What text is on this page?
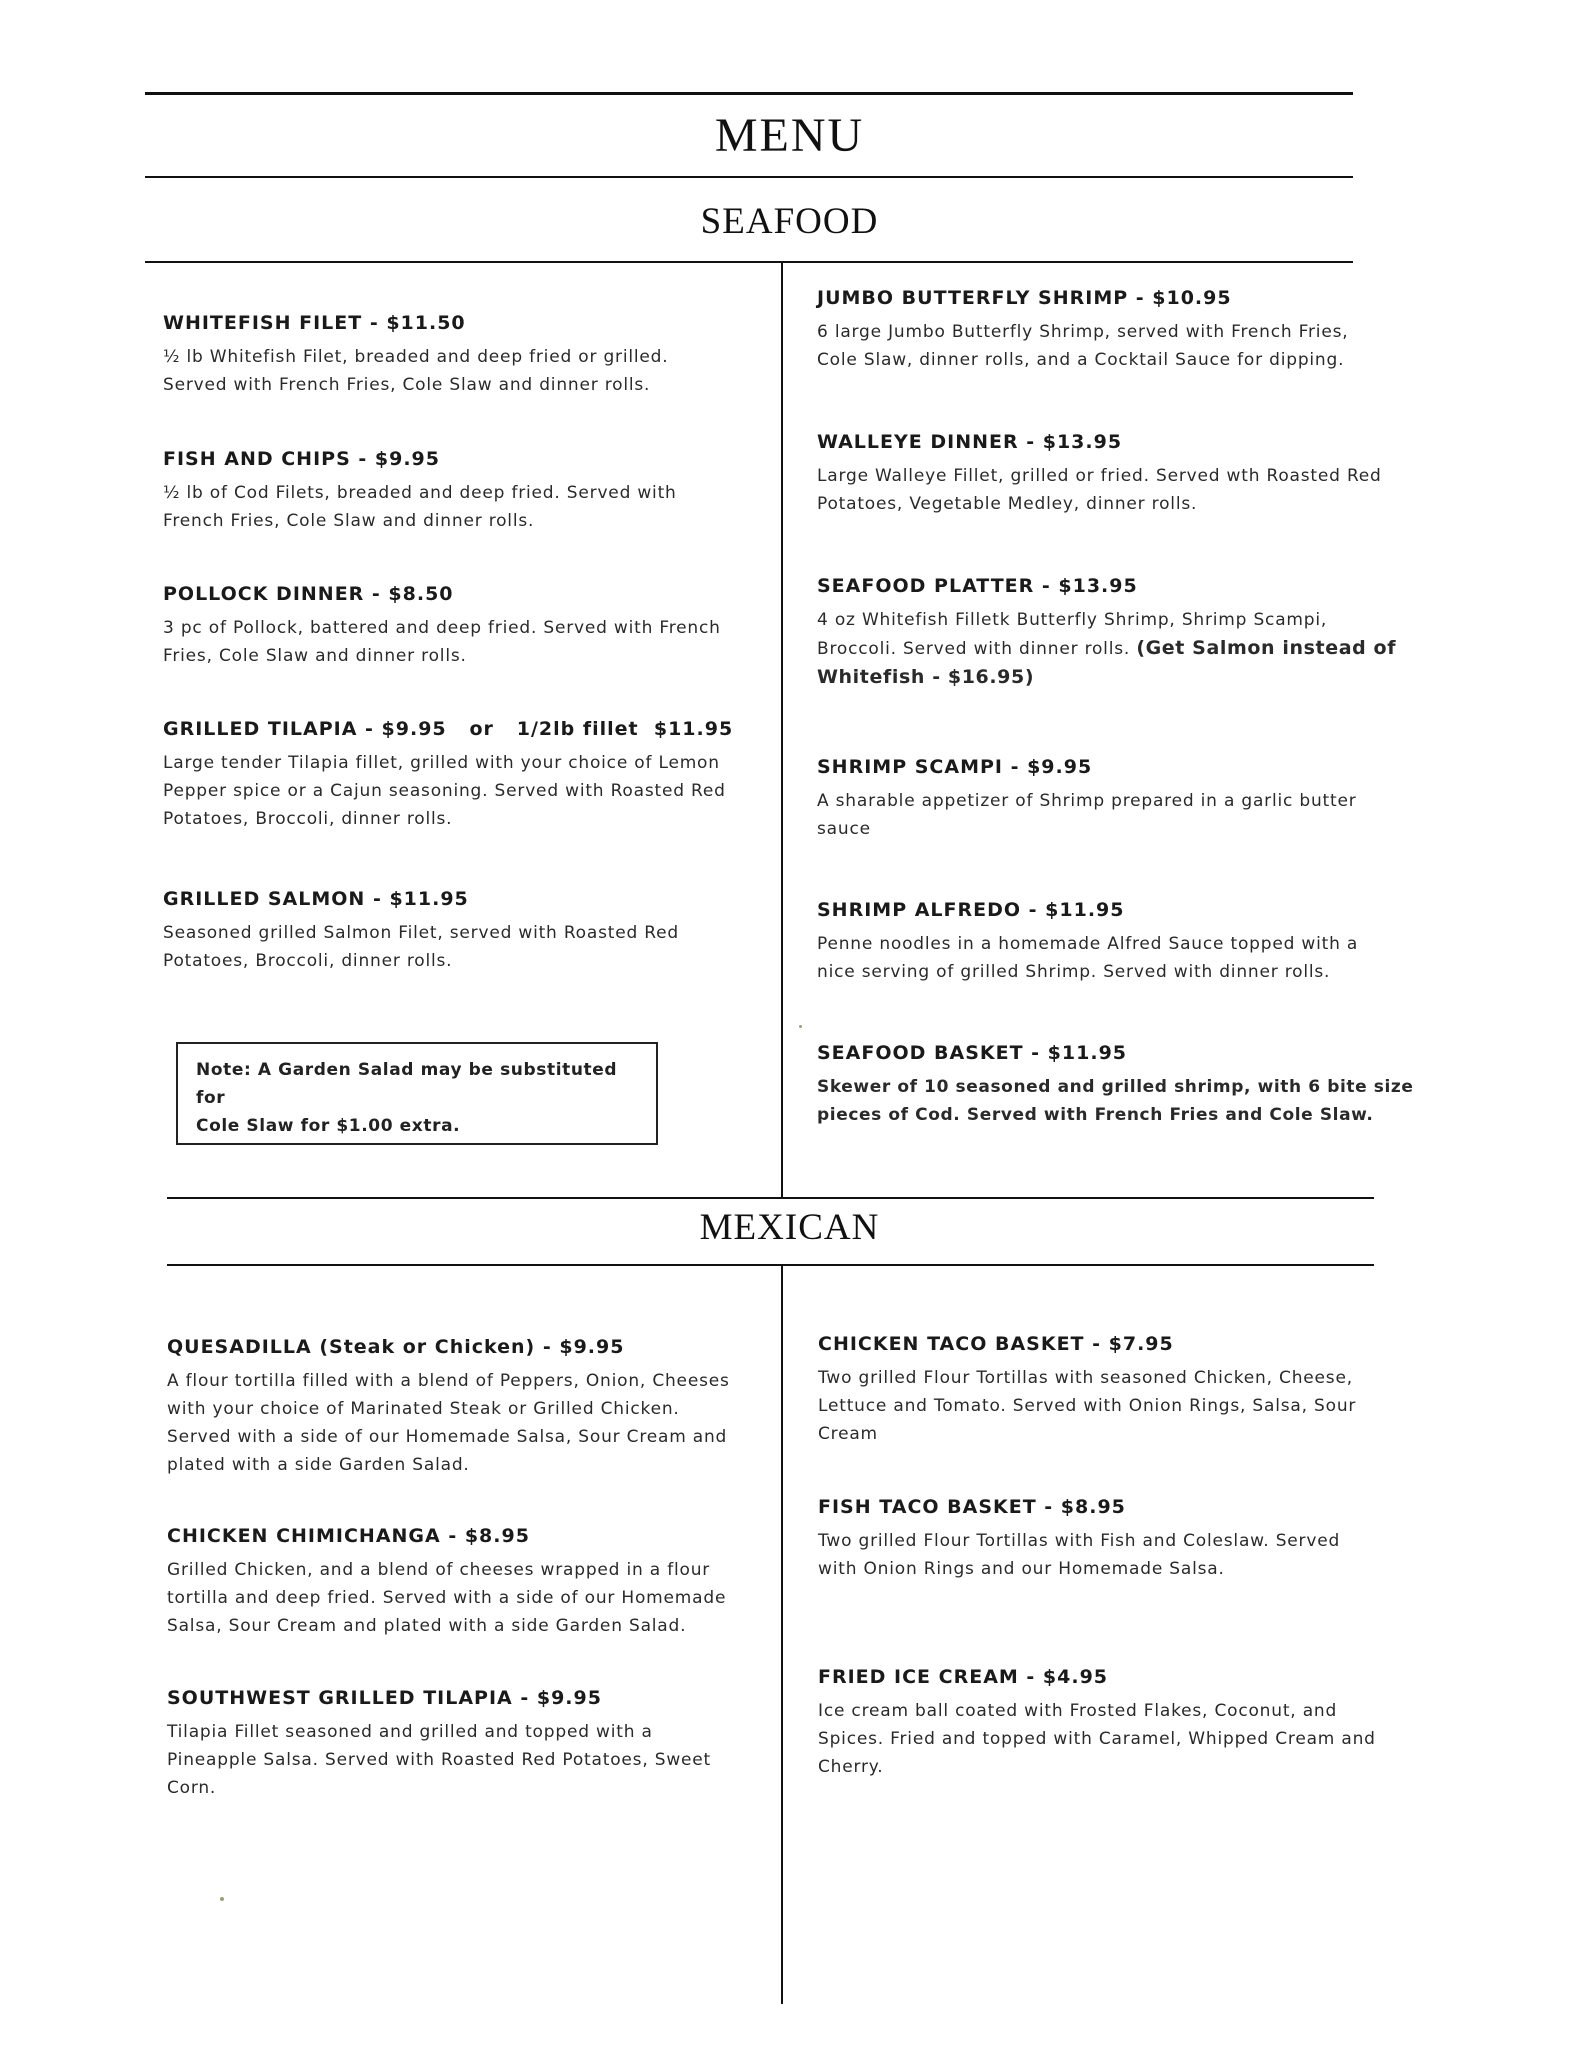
MENU
SEAFOOD
WHITEFISH FILET - $11.50
½ lb Whitefish Filet, breaded and deep fried or grilled.
Served with French Fries, Cole Slaw and dinner rolls.
FISH AND CHIPS - $9.95
½ lb of Cod Filets, breaded and deep fried. Served with
French Fries, Cole Slaw and dinner rolls.
POLLOCK DINNER - $8.50
3 pc of Pollock, battered and deep fried. Served with French
Fries, Cole Slaw and dinner rolls.
GRILLED TILAPIA - $9.95   or   1/2lb fillet  $11.95
Large tender Tilapia fillet, grilled with your choice of Lemon
Pepper spice or a Cajun seasoning. Served with Roasted Red
Potatoes, Broccoli, dinner rolls.
GRILLED SALMON - $11.95
Seasoned grilled Salmon Filet, served with Roasted Red
Potatoes, Broccoli, dinner rolls.
Note: A Garden Salad may be substituted for
Cole Slaw for $1.00 extra.
JUMBO BUTTERFLY SHRIMP - $10.95
6 large Jumbo Butterfly Shrimp, served with French Fries,
Cole Slaw, dinner rolls, and a Cocktail Sauce for dipping.
WALLEYE DINNER - $13.95
Large Walleye Fillet, grilled or fried. Served wth Roasted Red
Potatoes, Vegetable Medley, dinner rolls.
SEAFOOD PLATTER - $13.95
4 oz Whitefish Filletk Butterfly Shrimp, Shrimp Scampi,
Broccoli. Served with dinner rolls. (Get Salmon instead of
Whitefish - $16.95)
SHRIMP SCAMPI - $9.95
A sharable appetizer of Shrimp prepared in a garlic butter
sauce
SHRIMP ALFREDO - $11.95
Penne noodles in a homemade Alfred Sauce topped with a
nice serving of grilled Shrimp. Served with dinner rolls.
SEAFOOD BASKET - $11.95
Skewer of 10 seasoned and grilled shrimp, with 6 bite size
pieces of Cod. Served with French Fries and Cole Slaw.
MEXICAN
QUESADILLA (Steak or Chicken) - $9.95
A flour tortilla filled with a blend of Peppers, Onion, Cheeses
with your choice of Marinated Steak or Grilled Chicken.
Served with a side of our Homemade Salsa, Sour Cream and
plated with a side Garden Salad.
CHICKEN CHIMICHANGA - $8.95
Grilled Chicken, and a blend of cheeses wrapped in a flour
tortilla and deep fried. Served with a side of our Homemade
Salsa, Sour Cream and plated with a side Garden Salad.
SOUTHWEST GRILLED TILAPIA - $9.95
Tilapia Fillet seasoned and grilled and topped with a
Pineapple Salsa. Served with Roasted Red Potatoes, Sweet
Corn.
CHICKEN TACO BASKET - $7.95
Two grilled Flour Tortillas with seasoned Chicken, Cheese,
Lettuce and Tomato. Served with Onion Rings, Salsa, Sour
Cream
FISH TACO BASKET - $8.95
Two grilled Flour Tortillas with Fish and Coleslaw. Served
with Onion Rings and our Homemade Salsa.
FRIED ICE CREAM - $4.95
Ice cream ball coated with Frosted Flakes, Coconut, and
Spices. Fried and topped with Caramel, Whipped Cream and
Cherry.
